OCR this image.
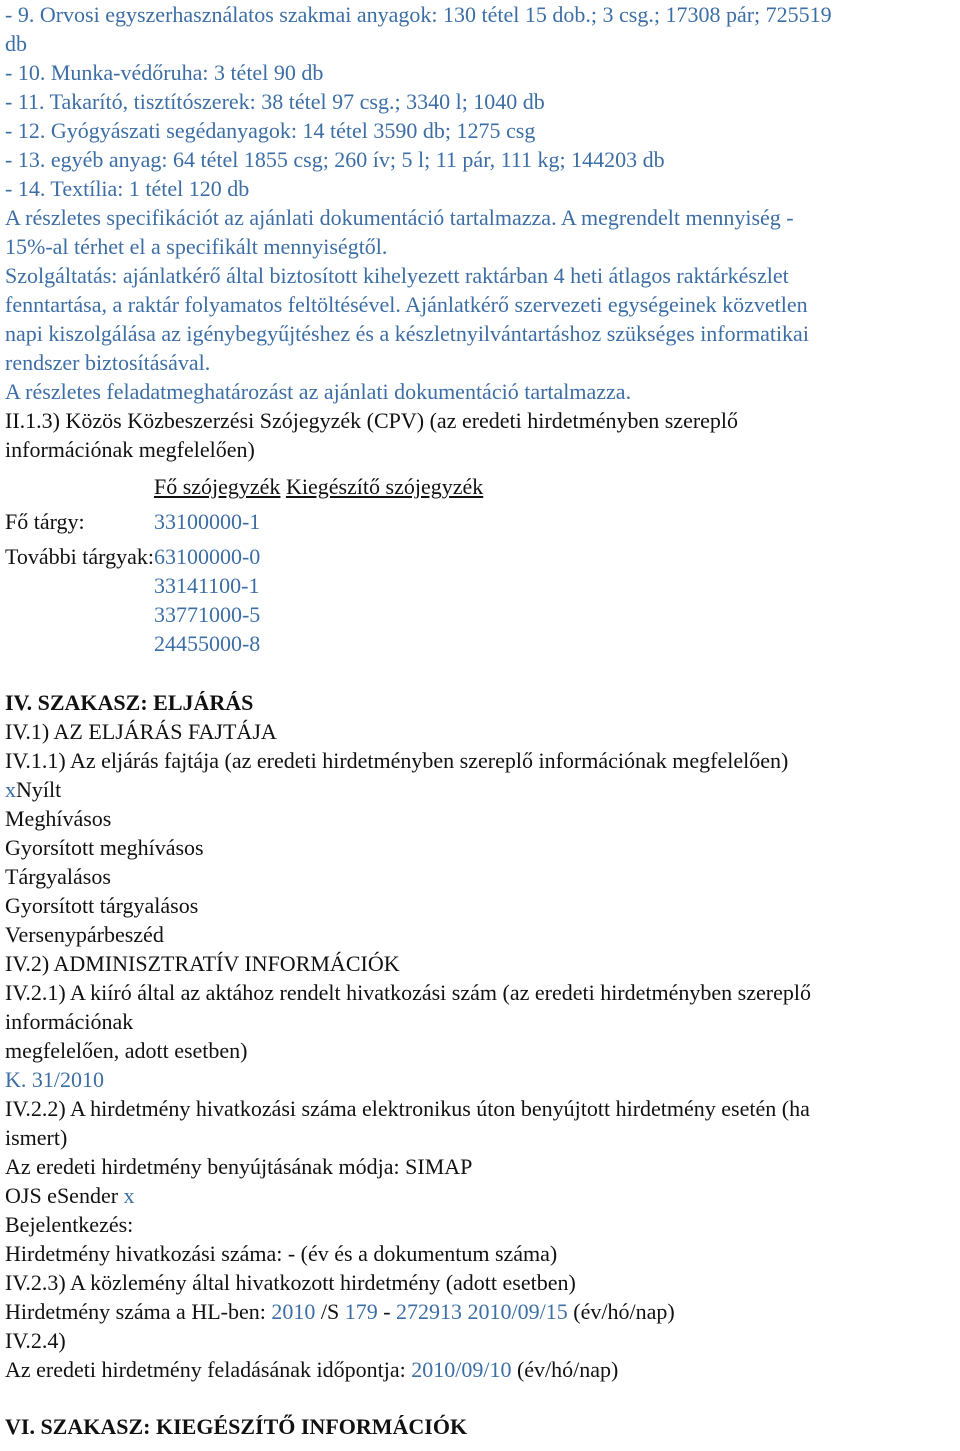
- 9. Orvosi egyszerhasználatos szakmai anyagok: 130 tétel 15 dob.; 3 csg.; 17308 pár; 725519
db
- 10. Munka-védőruha: 3 tétel 90 db
- 11. Takarító, tisztítószerek: 38 tétel 97 csg.; 3340 l; 1040 db
- 12. Gyógyászati segédanyagok: 14 tétel 3590 db; 1275 csg
- 13. egyéb anyag: 64 tétel 1855 csg; 260 ív; 5 l; 11 pár, 111 kg; 144203 db
- 14. Textília: 1 tétel 120 db
A részletes specifikációt az ajánlati dokumentáció tartalmazza. A megrendelt mennyiség -
15%-al térhet el a specifikált mennyiségtől.
Szolgáltatás: ajánlatkérő által biztosított kihelyezett raktárban 4 heti átlagos raktárkészlet
fenntartása, a raktár folyamatos feltöltésével. Ajánlatkérő szervezeti egységeinek közvetlen
napi kiszolgálása az igénybegyűjtéshez és a készletnyilvántartáshoz szükséges informatikai
rendszer biztosításával.
A részletes feladatmeghatározást az ajánlati dokumentáció tartalmazza.
II.1.3) Közös Közbeszerzési Szójegyzék (CPV) (az eredeti hirdetményben szereplő
információnak megfelelően)
	Fő szójegyzék Kiegészítő szójegyzék

Fő tárgy:	33100000-1

További tárgyak:	63100000-0
33141100-1
33771000-5
24455000-8
IV. SZAKASZ: ELJÁRÁS
IV.1) AZ ELJÁRÁS FAJTÁJA
IV.1.1) Az eljárás fajtája (az eredeti hirdetményben szereplő információnak megfelelően)
xNyílt
Meghívásos
Gyorsított meghívásos
Tárgyalásos
Gyorsított tárgyalásos
Versenypárbeszéd
IV.2) ADMINISZTRATÍV INFORMÁCIÓK
IV.2.1) A kiíró által az aktához rendelt hivatkozási szám (az eredeti hirdetményben szereplő
információnak
megfelelően, adott esetben)
K. 31/2010
IV.2.2) A hirdetmény hivatkozási száma elektronikus úton benyújtott hirdetmény esetén (ha
ismert)
Az eredeti hirdetmény benyújtásának módja: SIMAP
OJS eSender x
Bejelentkezés:
Hirdetmény hivatkozási száma: - (év és a dokumentum száma)
IV.2.3) A közlemény által hivatkozott hirdetmény (adott esetben)
Hirdetmény száma a HL-ben: 2010 /S 179 - 272913 2010/09/15 (év/hó/nap)
IV.2.4)
Az eredeti hirdetmény feladásának időpontja: 2010/09/10 (év/hó/nap)
VI. SZAKASZ: KIEGÉSZÍTŐ INFORMÁCIÓK
